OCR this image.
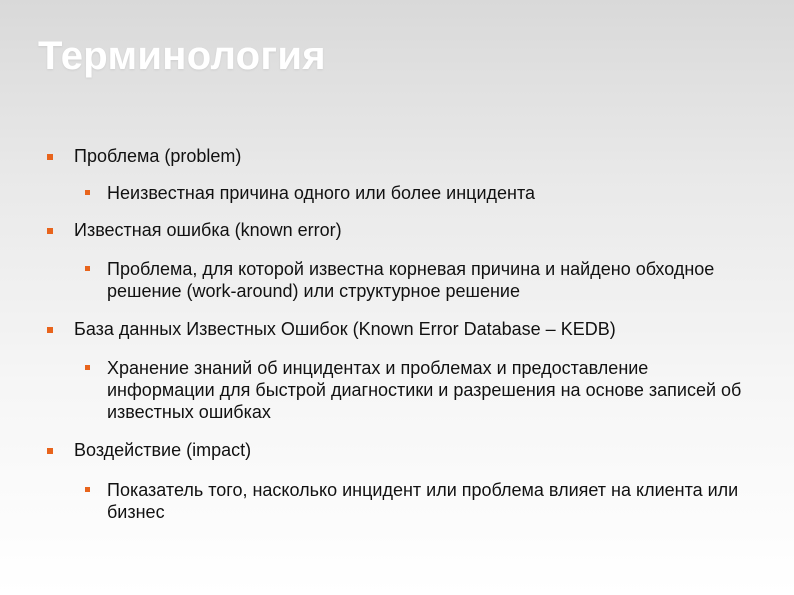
Терминология
Проблема (problem)
Неизвестная причина одного или более инцидента
Известная ошибка (known error)
Проблема, для которой известна корневая причина и найдено обходное решение (work-around) или структурное решение
База данных Известных Ошибок (Known Error Database – KEDB)
Хранение знаний об инцидентах и проблемах и предоставление информации для быстрой диагностики и разрешения на основе записей об известных ошибках
Воздействие (impact)
Показатель того, насколько инцидент или проблема влияет на клиента или бизнес
